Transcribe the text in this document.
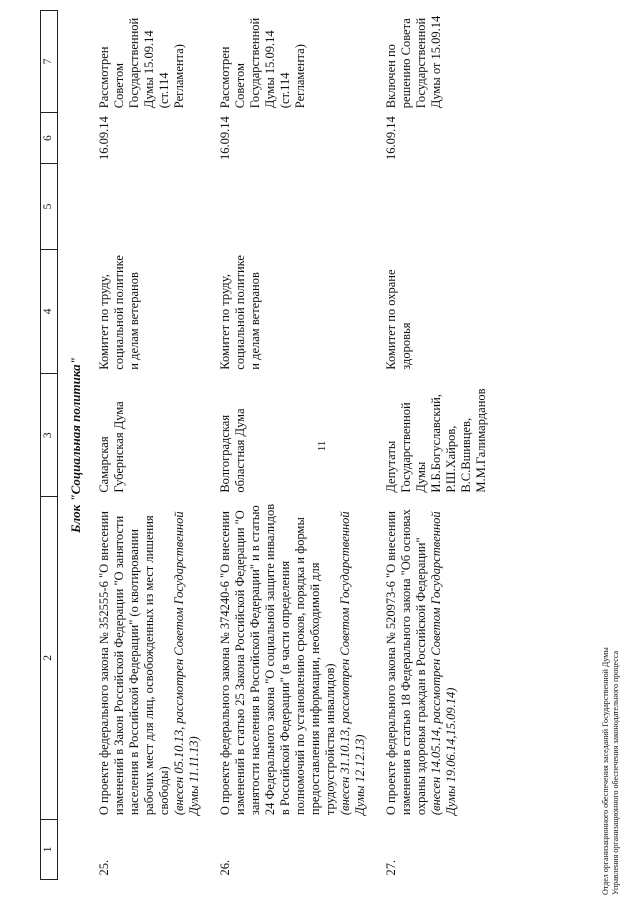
11
1	2	3	4	5	6	7
Блок "Социальная политика"						
25.	О проекте федерального закона № 352555-6 "О внесении изменений в Закон Российской Федерации "О занятости населения в Российской Федерации" (о квотировании рабочих мест для лиц, освобожденных из мест лишения свободы) (внесен 05.10.13, рассмотрен Советом Государственной Думы 11.11.13)	Самарская Губернская Дума	Комитет по труду, социальной политике и делам ветеранов		16.09.14	Рассмотрен Советом Государственной Думы 15.09.14 (ст.114 Регламента)
26.	О проекте федерального закона № 374240-6 "О внесении изменений в статью 25 Закона Российской Федерации "О занятости населения в Российской Федерации" и в статью 24 Федерального закона "О социальной защите инвалидов в Российской Федерации" (в части определения полномочий по установлению сроков, порядка и формы предоставления информации, необходимой для трудоустройства инвалидов) (внесен 31.10.13, рассмотрен Советом Государственной Думы 12.12.13)	Волгоградская областная Дума	Комитет по труду, социальной политике и делам ветеранов		16.09.14	Рассмотрен Советом Государственной Думы 15.09.14 (ст.114 Регламента)
27.	О проекте федерального закона № 520973-6 "О внесении изменения в статью 18 Федерального закона "Об основах охраны здоровья граждан в Российской Федерации" (внесен 14.05.14, рассмотрен Советом Государственной Думы 19.06.14,15.09.14)	Депутаты Государственной Думы И.Б.Богуславский, Р.Ш.Хайров, В.С.Вшивцев, М.М.Галимарданов	Комитет по охране здоровья		16.09.14	Включен по решению Совета Государственной Думы от 15.09.14
Отдел организационного обеспечения заседаний Государственной Думы Управления организационного обеспечения законодательного процесса
